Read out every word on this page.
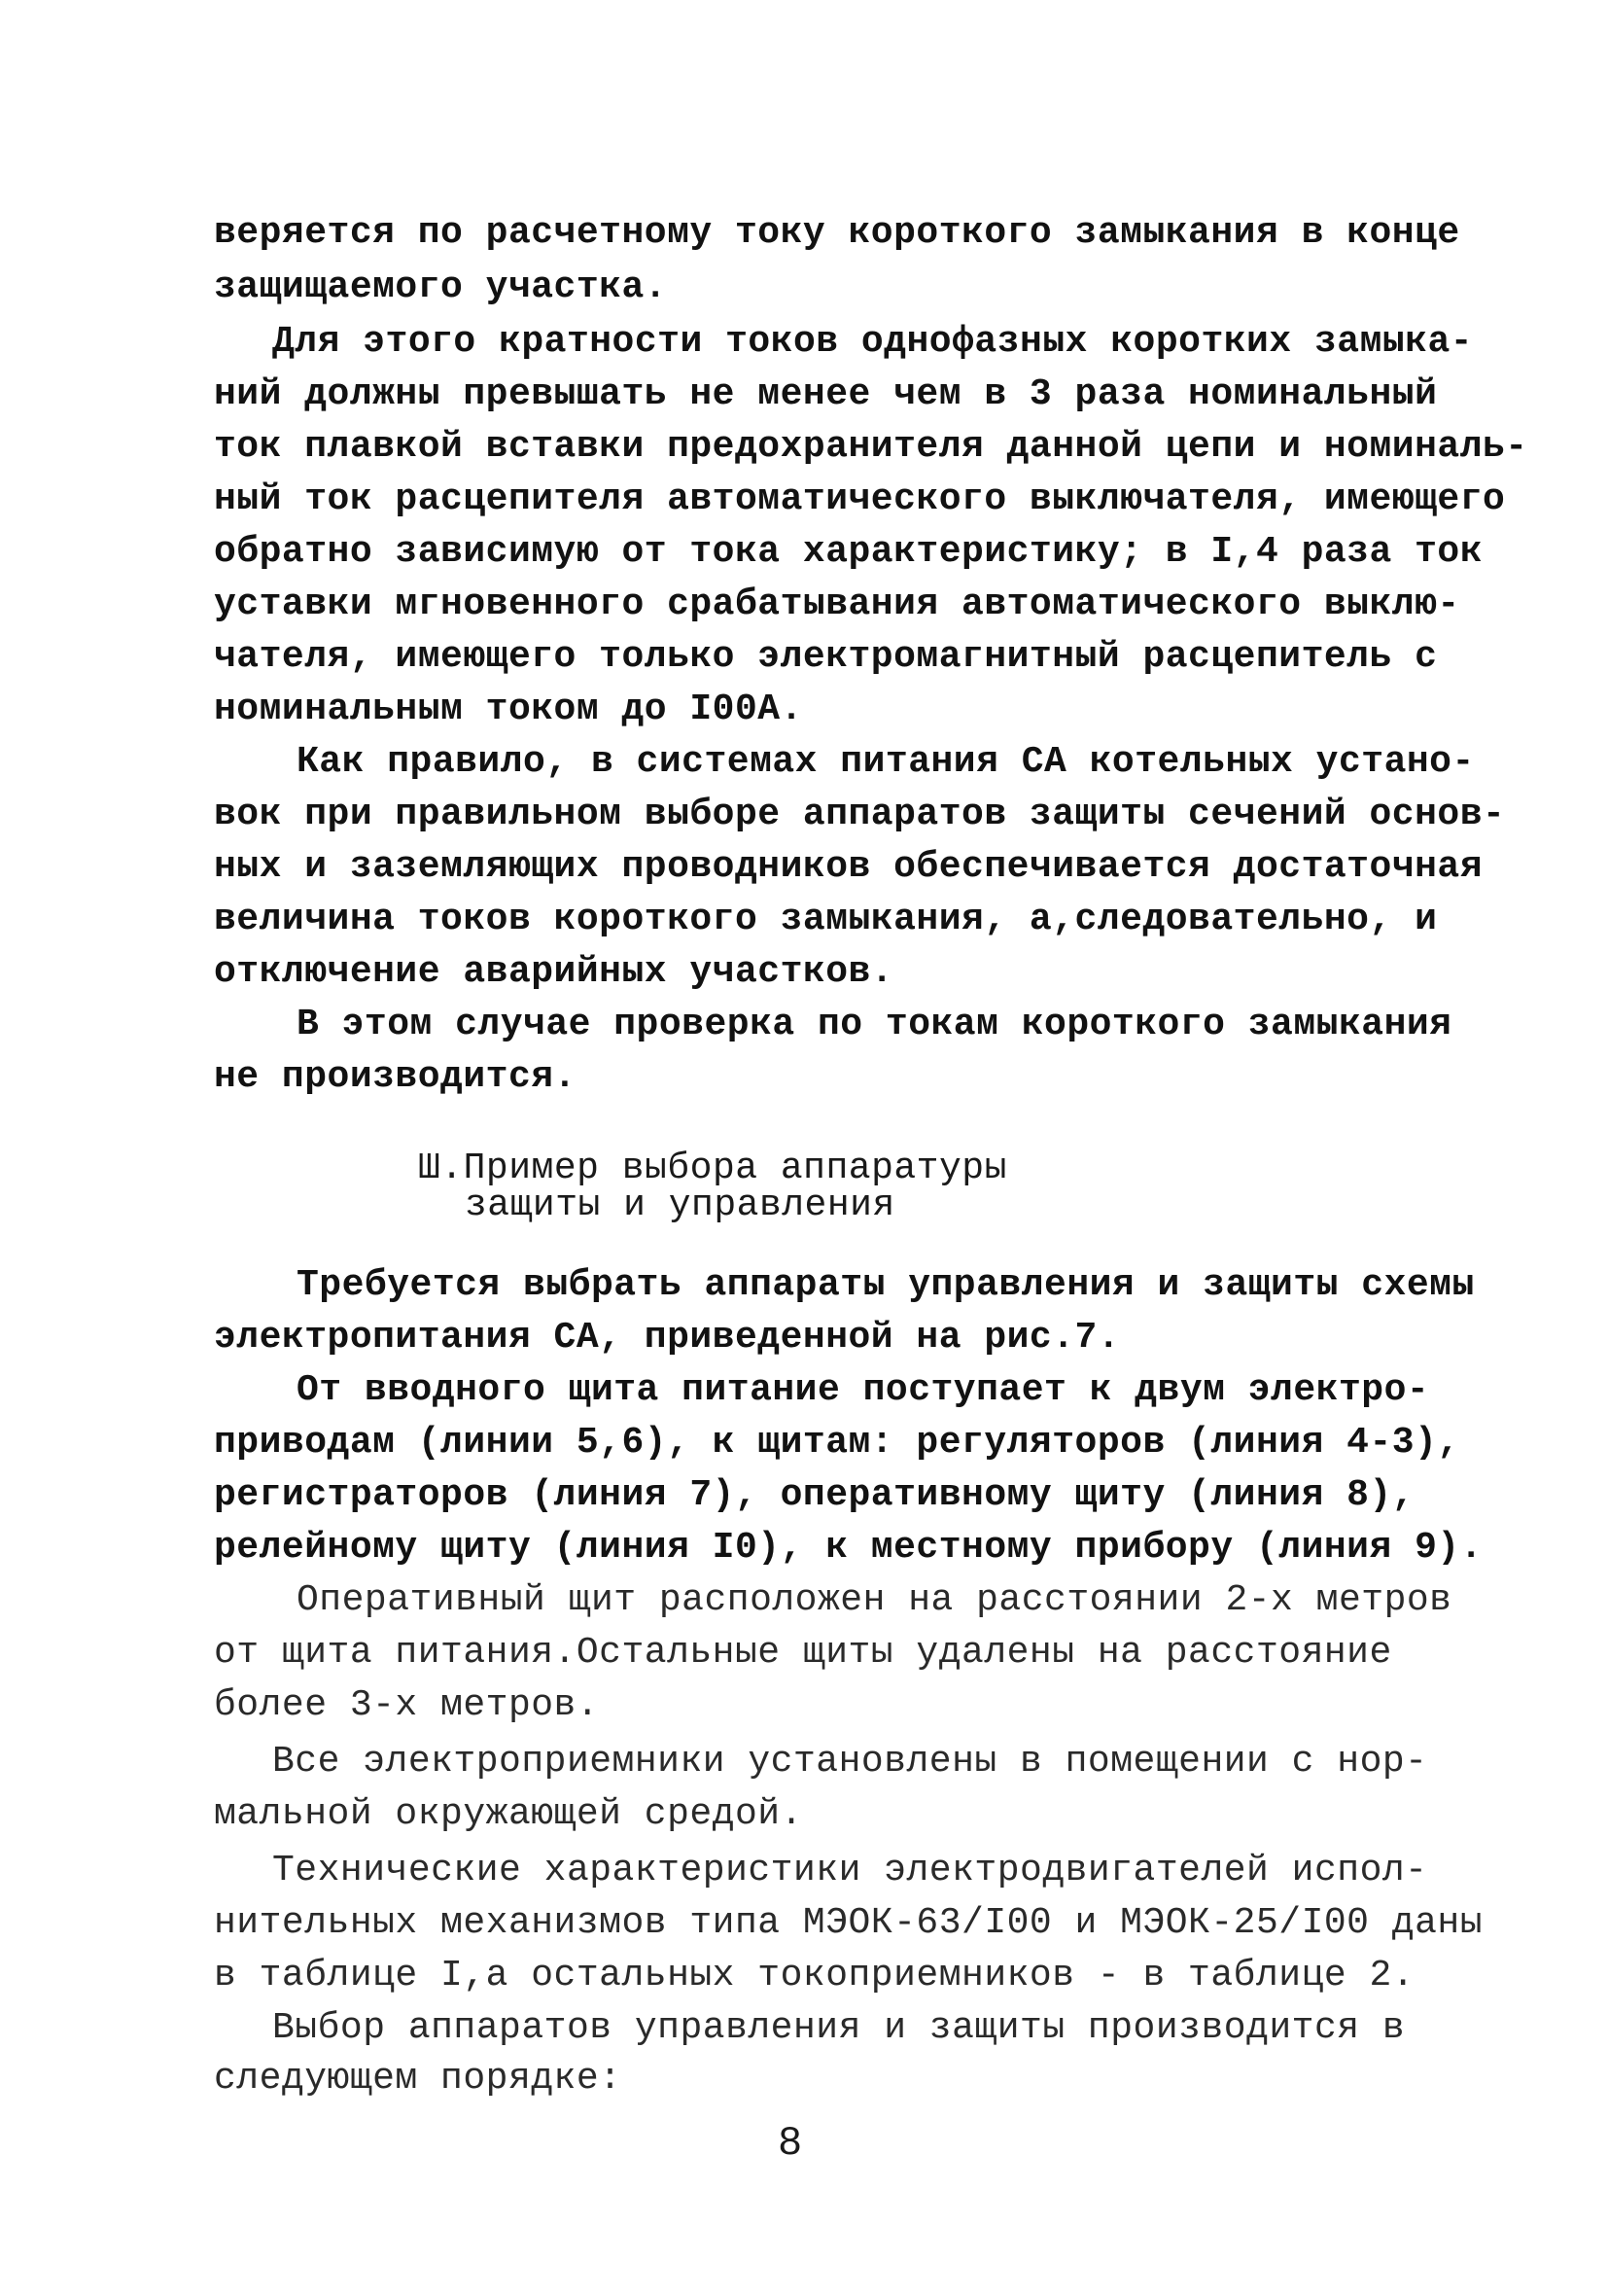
веряется по расчетному току короткого замыкания в конце
защищаемого участка.
Для этого кратности токов однофазных коротких замыка-
ний должны превышать не менее чем в 3 раза номинальный
ток плавкой вставки предохранителя данной цепи и номиналь-
ный ток расцепителя автоматического выключателя, имеющего
обратно зависимую от тока характеристику; в I,4 раза ток
уставки мгновенного срабатывания автоматического выклю-
чателя, имеющего только электромагнитный расцепитель с
номинальным током до I00А.
Как правило, в системах питания СА котельных устано-
вок при правильном выборе аппаратов защиты сечений основ-
ных и заземляющих проводников обеспечивается достаточная
величина токов короткого замыкания, а,следовательно, и
отключение аварийных участков.
В этом случае проверка по токам короткого замыкания
не производится.
Ш.Пример выбора аппаратуры
защиты и управления
Требуется выбрать аппараты управления и защиты схемы
электропитания СА, приведенной на рис.7.
От вводного щита питание поступает к двум электро-
приводам (линии 5,6), к щитам: регуляторов (линия 4-3),
регистраторов (линия 7), оперативному щиту (линия 8),
релейному щиту (линия I0), к местному прибору (линия 9).
Оперативный щит расположен на расстоянии 2-х метров
от щита питания.Остальные щиты удалены на расстояние
более 3-х метров.
Все электроприемники установлены в помещении с нор-
мальной окружающей средой.
Технические характеристики электродвигателей испол-
нительных механизмов типа МЭОК-63/I00 и МЭОК-25/I00 даны
в таблице I,а остальных токоприемников - в таблице 2.
Выбор аппаратов управления и защиты производится в
следующем порядке:
8
